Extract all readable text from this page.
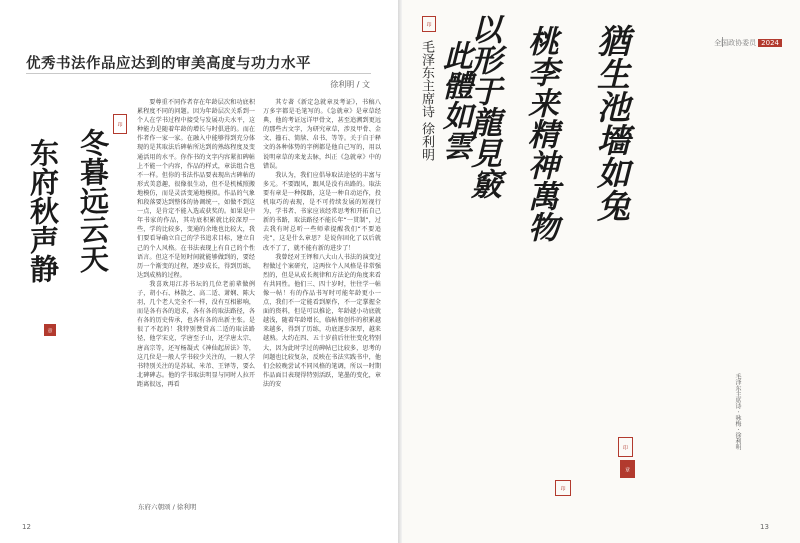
东府秋声静 冬暮远云天
印
章
优秀书法作品应达到的审美高度与功力水平
徐利明 / 文

要尊重不同作者存在年龄层次和功底积累程度不同的问题。因为年龄层次关系到一个人在学书过程中接受与发展功夫水平，这种能力是随着年龄的增长与时俱进的。而在作者作一家一家。在融入中能够得到充分体现的是其取法后碑帖所达到的熟练程度及变通活用的水平。你作书的文字内容紧扣碑帖上不能一个内容，作品的样式，章法组合也不一样。但你的书法作品要表现出古碑帖的形式美意趣，很像很生动，但不是机械照搬地模仿，而是灵活变通地模拟。作品的气象和段落要达到整体的协调统一，如做不到这一点，是肯定不能入选或获奖的。如果是中年书家的作品，其功底积累就比较深厚一些，学的比较多，变通的余地也比较大，我们要看导确立自己的学书追求目标，建立自己的个人风格。在书法表现上有自己的个性语言。但这不是短时间就能够做到的，要经历一个渐变的过程，逐步成长，得到历练，达到成熟的过程。

我喜欢用江苏书坛的几位老前辈做例子，胡小石、林散之、高二适、萧娴、陈大羽，几个老人完全不一样，没有互相影响，而是各有各的追求，各有各的取法路径，各有各的历史传承，也各有各的出新主张。是很了不起的！我特别赞赏高二适的取法路径，他学宋克，学唐至子山，还学唐太宗、唐高宗等，还写杨凝式《神仙起居法》等，这几位是一般人学书较少关注的，一般人学书特别关注的是苏轼、米芾、王铎等，要么北碑碑志。他的学书取法明显与同时人拉开距离很远，再看

其专著《新定急就章及考证》，书稿八万多字都是毛笔写的。《急就章》是章草经典，他的考证远详甲骨文，甚至追溯到更远的那些古文字，为研究章草，涉及甲骨、金文、籀石、简牍、帛书、等等。关于自于释文的各种体势的字例都是他自己写的，用以说明章草的来龙去脉，纠正《急就章》中的错误。

我认为，我们应倡导取法途径的丰富与多元。不要跟风，跟风是没有出路的。取法要有章是一种探路，这是一种自动运作，投机取巧的表现，是不可持续发展的短视行为，学书者、书家应该经常思考和开拓自己新的书路，取法路径不能长年“一贯制”，过去我有时总听一些师辈提醒我们“不要追壳”，这是什么章思？是说你固化了以后就改不了了，就不能有新的进步了！

我曾经对王铎和八大山人书法的演变过程做过个案研究，这两位个人风格是非常强烈的，但是从成长规律和方法论的角度来看有共同性。他们三、四十岁时，往往学一帖像一帖！有的作品书写时可能年龄更小一点，我们不一定能看到原作，不一定掌握全面的资料，但是可以推论，年龄越小功底就越浅，随着年龄增长，临帖和创作的积累越来越多，得到了历练，功底逐步深厚，越来越熟。大约在四、五十岁前后往往变化特别大，因为此时学过的碑帖已比较多，思考的问题也比较复杂，反映在书法实践书中，他们会较晚尝试不同风格的笔调，所以一时期作品面目表现得特别活跃，笔墨的变化，章法的安

东府六朝颂 / 徐利明
12
全国政协委员 2024
猶生池墻如兔
桃李来精神萬物
以形于龍見竅
此體如雲
毛泽东主席诗 徐利明
印
印
章
印
毛泽东主席诗 · 咏梅 · 徐利明
13
